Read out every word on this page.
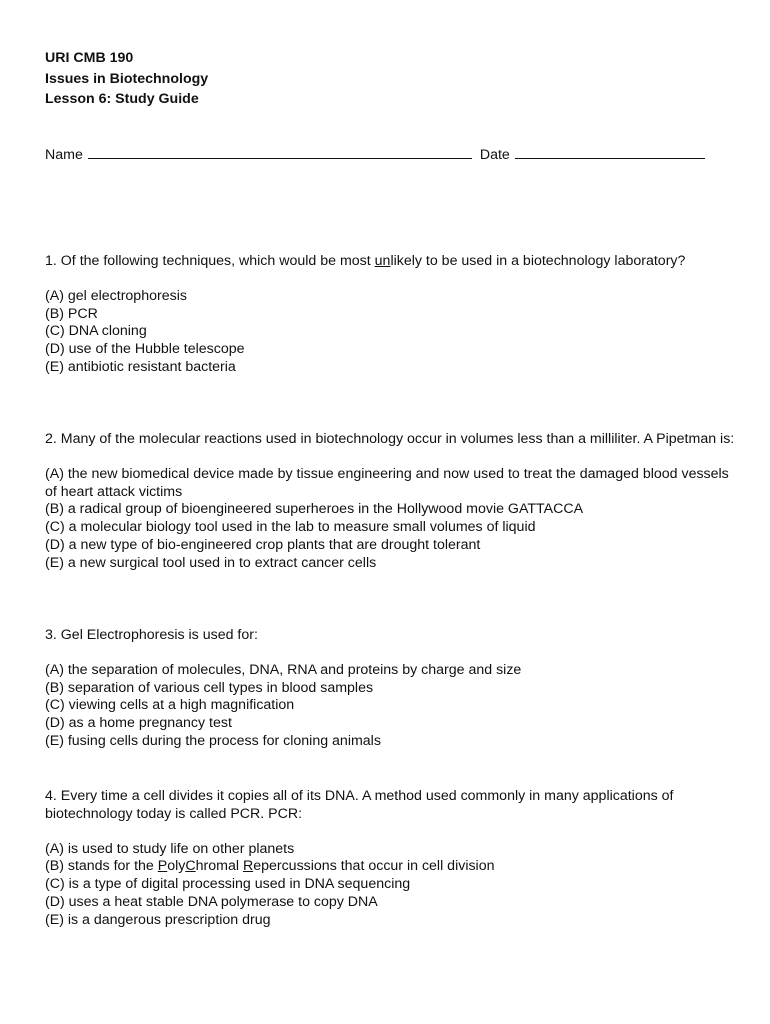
URI CMB 190
Issues in Biotechnology
Lesson 6: Study Guide
Name	Date

1. Of the following techniques, which would be most unlikely to be used in a biotechnology laboratory?

(A) gel electrophoresis
(B) PCR
(C) DNA cloning
(D) use of the Hubble telescope
(E) antibiotic resistant bacteria

2. Many of the molecular reactions used in biotechnology occur in volumes less than a milliliter. A Pipetman is:

(A) the new biomedical device made by tissue engineering and now used to treat the damaged blood vessels of heart attack victims
(B) a radical group of bioengineered superheroes in the Hollywood movie GATTACCA
(C) a molecular biology tool used in the lab to measure small volumes of liquid
(D) a new type of bio-engineered crop plants that are drought tolerant
(E) a new surgical tool used in to extract cancer cells

3. Gel Electrophoresis is used for:

(A) the separation of molecules, DNA, RNA and proteins by charge and size
(B) separation of various cell types in blood samples
(C) viewing cells at a high magnification
(D) as a home pregnancy test
(E) fusing cells during the process for cloning animals

4. Every time a cell divides it copies all of its DNA. A method used commonly in many applications of biotechnology today is called PCR. PCR:

(A) is used to study life on other planets
(B) stands for the PolyChromal Repercussions that occur in cell division
(C) is a type of digital processing used in DNA sequencing
(D) uses a heat stable DNA polymerase to copy DNA
(E) is a dangerous prescription drug
